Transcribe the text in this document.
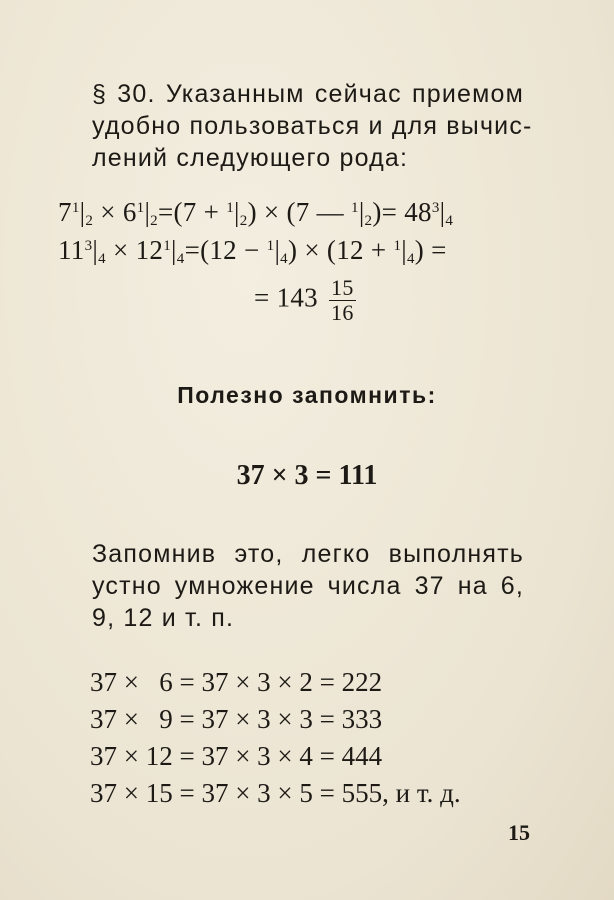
§ 30. Указанным сейчас приемом
удобно пользоваться и для вычис-
лений следующего рода:
$7^1|_2 \times 6^1|_2=(7 + ^1|_2) \times (7$ — $^1|_2)= 48^3|_4$
$11^3|_4 \times 12^1|_4=(12 - ^1|_4) \times (12 + ^1|_4)$ =
= $143 \frac{15}{16}$
Полезно запомнить:
37 × 3 = 111
Запомнив это, легко выполнять
устно умножение числа 37 на 6,
9, 12 и т. п.
37 ×   6 = 37 × 3 × 2 = 222
37 ×   9 = 37 × 3 × 3 = 333
37 × 12 = 37 × 3 × 4 = 444
37 × 15 = 37 × 3 × 5 = 555, и т. д.
15
